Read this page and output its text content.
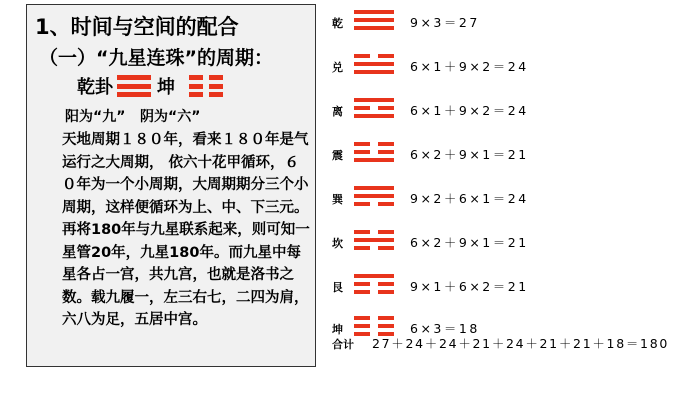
1、时间与空间的配合
（一）“九星连珠”的周期：
乾卦 坤
阳为“九”   阴为“六”
天地周期１８０年，看来１８０年是气运行之大周期， 依六十花甲循环，６０年为一个小周期，大周期期分三个小周期，这样便循环为上、中、下三元。再将180年与九星联系起来，则可知一星管20年，九星180年。而九星中每星各占一宫，共九宫，也就是洛书之数。载九履一，左三右七，二四为肩，六八为足，五居中宫。
乾	9×3＝27
兑	6×1＋9×2＝24
离	6×1＋9×2＝24
震	6×2＋9×1＝21
巽	9×2＋6×1＝24
坎	6×2＋9×1＝21
艮	9×1＋6×2＝21
坤	6×3＝18
合计 27＋24＋24＋21＋24＋21＋21＋18＝180
